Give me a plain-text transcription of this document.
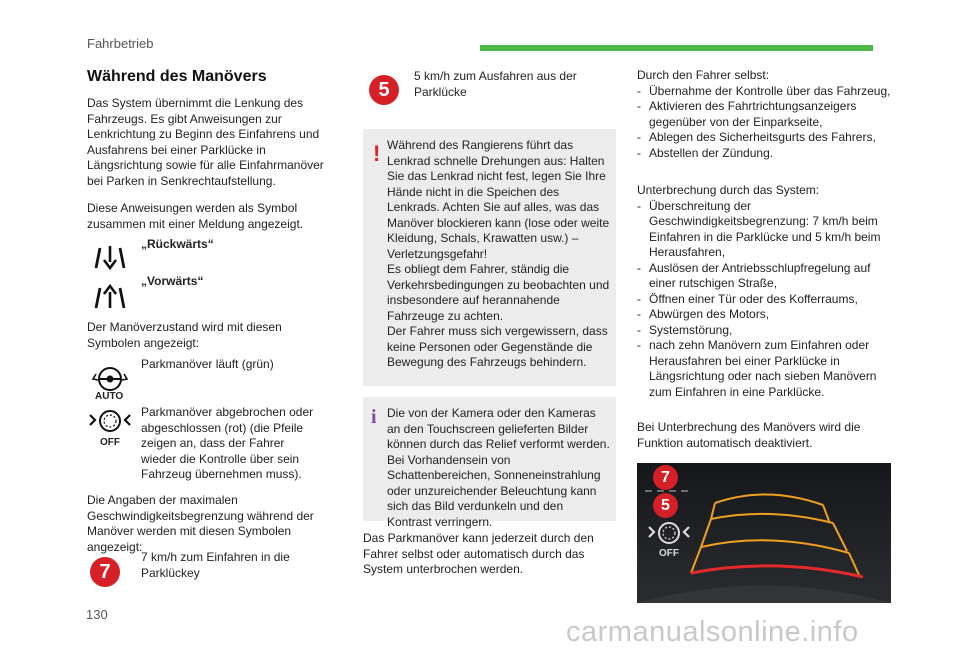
Fahrbetrieb
Während des Manövers
Das System übernimmt die Lenkung des Fahrzeugs. Es gibt Anweisungen zur Lenkrichtung zu Beginn des Einfahrens und Ausfahrens bei einer Parklücke in Längsrichtung sowie für alle Einfahrmanöver bei Parken in Senkrechtaufstellung.
Diese Anweisungen werden als Symbol zusammen mit einer Meldung angezeigt.
„Rückwärts“
„Vorwärts“
Der Manöverzustand wird mit diesen Symbolen angezeigt:
AUTO
Parkmanöver läuft (grün)
OFF
Parkmanöver abgebrochen oder abgeschlossen (rot) (die Pfeile zeigen an, dass der Fahrer wieder die Kontrolle über sein Fahrzeug übernehmen muss).
Die Angaben der maximalen Geschwindigkeitsbegrenzung während der Manöver werden mit diesen Symbolen angezeigt:
7
7 km/h zum Einfahren in die Parklückey
5
5 km/h zum Ausfahren aus der Parklücke
! Während des Rangierens führt das Lenkrad schnelle Drehungen aus: Halten Sie das Lenkrad nicht fest, legen Sie Ihre Hände nicht in die Speichen des Lenkrads. Achten Sie auf alles, was das Manöver blockieren kann (lose oder weite Kleidung, Schals, Krawatten usw.) – Verletzungsgefahr!
Es obliegt dem Fahrer, ständig die Verkehrsbedingungen zu beobachten und insbesondere auf herannahende Fahrzeuge zu achten.
Der Fahrer muss sich vergewissern, dass keine Personen oder Gegenstände die Bewegung des Fahrzeugs behindern.
i Die von der Kamera oder den Kameras an den Touchscreen gelieferten Bilder können durch das Relief verformt werden.
Bei Vorhandensein von Schattenbereichen, Sonneneinstrahlung oder unzureichender Beleuchtung kann sich das Bild verdunkeln und den Kontrast verringern.
Das Parkmanöver kann jederzeit durch den Fahrer selbst oder automatisch durch das System unterbrochen werden.
Durch den Fahrer selbst:
- Übernahme der Kontrolle über das Fahrzeug,
- Aktivieren des Fahrtrichtungsanzeigers gegenüber von der Einparkseite,
- Ablegen des Sicherheitsgurts des Fahrers,
- Abstellen der Zündung.
Unterbrechung durch das System:
- Überschreitung der Geschwindigkeitsbegrenzung: 7 km/h beim Einfahren in die Parklücke und 5 km/h beim Herausfahren,
- Auslösen der Antriebsschlupfregelung auf einer rutschigen Straße,
- Öffnen einer Tür oder des Kofferraums,
- Abwürgen des Motors,
- Systemstörung,
- nach zehn Manövern zum Einfahren oder Herausfahren bei einer Parklücke in Längsrichtung oder nach sieben Manövern zum Einfahren in eine Parklücke.
Bei Unterbrechung des Manövers wird die Funktion automatisch deaktiviert.
7
5
OFF
130
carmanualsonline.info
